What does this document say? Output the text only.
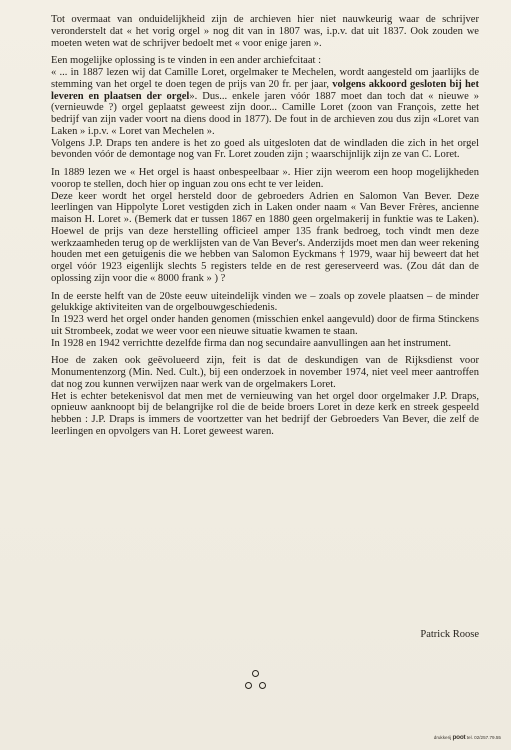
Tot overmaat van onduidelijkheid zijn de archieven hier niet nauwkeurig waar de schrijver veronderstelt dat « het vorig orgel » nog dit van in 1807 was, i.p.v. dat uit 1837. Ook zouden we moeten weten wat de schrijver bedoelt met « voor enige jaren ».

Een mogelijke oplossing is te vinden in een ander archiefcitaat :

« ... in 1887 lezen wij dat Camille Loret, orgelmaker te Mechelen, wordt aangesteld om jaarlijks de stemming van het orgel te doen tegen de prijs van 20 fr. per jaar, volgens akkoord gesloten bij het leveren en plaatsen der orgel». Dus... enkele jaren vóór 1887 moet dan toch dat « nieuwe » (vernieuwde ?) orgel geplaatst geweest zijn door... Camille Loret (zoon van François, zette het bedrijf van zijn vader voort na diens dood in 1877). De fout in de archieven zou dus zijn «Loret van Laken » i.p.v. « Loret van Mechelen ».

Volgens J.P. Draps ten andere is het zo goed als uitgesloten dat de windladen die zich in het orgel bevonden vóór de demontage nog van Fr. Loret zouden zijn ; waarschijnlijk zijn ze van C. Loret.

In 1889 lezen we « Het orgel is haast onbespeelbaar ». Hier zijn weerom een hoop mogelijkheden voorop te stellen, doch hier op inguan zou ons echt te ver leiden.

Deze keer wordt het orgel hersteld door de gebroeders Adrien en Salomon Van Bever. Deze leerlingen van Hippolyte Loret vestigden zich in Laken onder naam « Van Bever Frères, ancienne maison H. Loret ». (Bemerk dat er tussen 1867 en 1880 geen orgelmakerij in funktie was te Laken). Hoewel de prijs van deze herstelling officieel amper 135 frank bedroeg, toch vindt men deze werkzaamheden terug op de werklijsten van de Van Bever's. Anderzijds moet men dan weer rekening houden met een getuigenis die we hebben van Salomon Eyckmans † 1979, waar hij beweert dat het orgel vóór 1923 eigenlijk slechts 5 registers telde en de rest gereserveerd was. (Zou dát dan de oplossing zijn voor die « 8000 frank » ) ?

In de eerste helft van de 20ste eeuw uiteindelijk vinden we – zoals op zovele plaatsen – de minder gelukkige aktiviteiten van de orgelbouwgeschiedenis.

In 1923 werd het orgel onder handen genomen (misschien enkel aangevuld) door de firma Stinckens uit Strombeek, zodat we weer voor een nieuwe situatie kwamen te staan.

In 1928 en 1942 verrichtte dezelfde firma dan nog secundaire aanvullingen aan het instrument.

Hoe de zaken ook geëvolueerd zijn, feit is dat de deskundigen van de Rijksdienst voor Monumentenzorg (Min. Ned. Cult.), bij een onderzoek in november 1974, niet veel meer aantroffen dat nog zou kunnen verwijzen naar werk van de orgelmakers Loret.

Het is echter betekenisvol dat men met de vernieuwing van het orgel door orgelmaker J.P. Draps, opnieuw aanknoopt bij de belangrijke rol die de beide broers Loret in deze kerk en streek gespeeld hebben : J.P. Draps is immers de voortzetter van het bedrijf der Gebroeders Van Bever, die zelf de leerlingen en opvolgers van H. Loret geweest waren.

Patrick Roose
drukkerij poot tel. 02/257.79.55
